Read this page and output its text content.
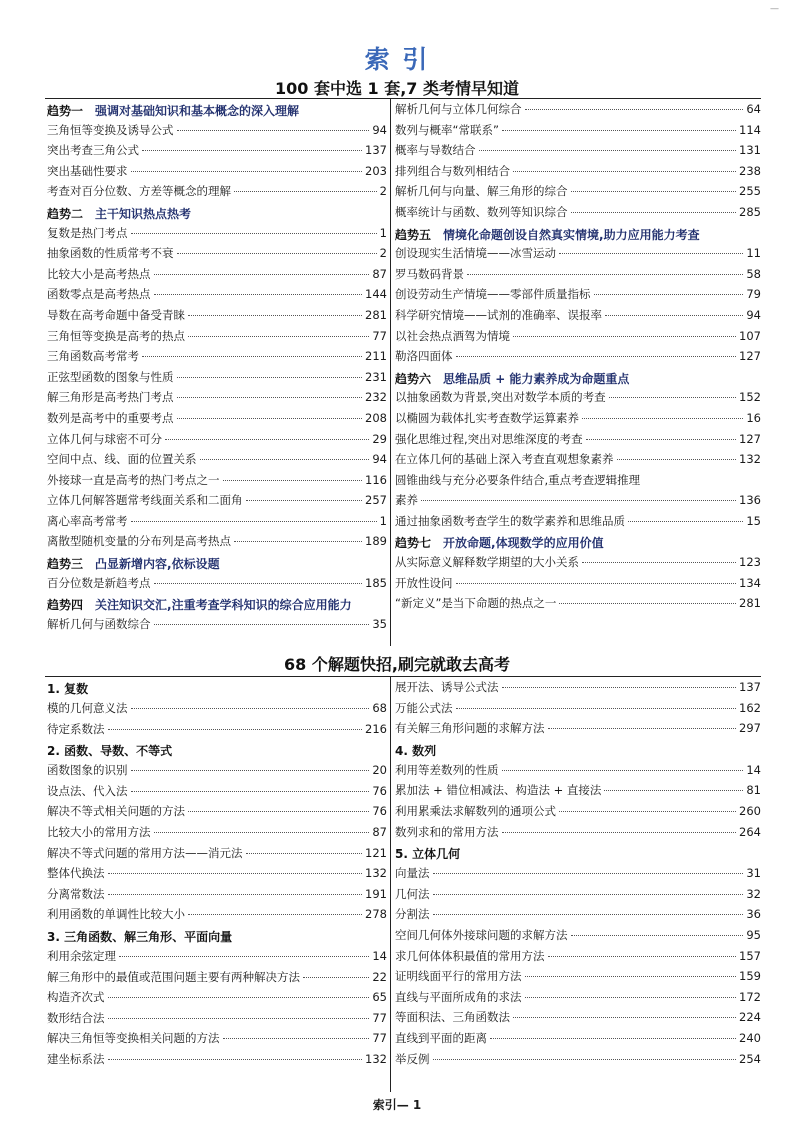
—
索 引
100 套中选 1 套,7 类考情早知道
趋势一 强调对基础知识和基本概念的深入理解
三角恒等变换及诱导公式	94
突出考查三角公式	137
突出基础性要求	203
考查对百分位数、方差等概念的理解	2
趋势二 主干知识热点热考
复数是热门考点	1
抽象函数的性质常考不衰	2
比较大小是高考热点	87
函数零点是高考热点	144
导数在高考命题中备受青睐	281
三角恒等变换是高考的热点	77
三角函数高考常考	211
正弦型函数的图象与性质	231
解三角形是高考热门考点	232
数列是高考中的重要考点	208
立体几何与球密不可分	29
空间中点、线、面的位置关系	94
外接球一直是高考的热门考点之一	116
立体几何解答题常考线面关系和二面角	257
离心率高考常考	1
离散型随机变量的分布列是高考热点	189
趋势三 凸显新增内容,依标设题
百分位数是新趋考点	185
趋势四 关注知识交汇,注重考查学科知识的综合应用能力
解析几何与函数综合	35
解析几何与立体几何综合	64
数列与概率“常联系”	114
概率与导数结合	131
排列组合与数列相结合	238
解析几何与向量、解三角形的综合	255
概率统计与函数、数列等知识综合	285
趋势五 情境化命题创设自然真实情境,助力应用能力考查
创设现实生活情境——冰雪运动	11
罗马数码背景	58
创设劳动生产情境——零部件质量指标	79
科学研究情境——试剂的准确率、误报率	94
以社会热点酒驾为情境	107
勒洛四面体	127
趋势六 思维品质 + 能力素养成为命题重点
以抽象函数为背景,突出对数学本质的考查	152
以椭圆为载体扎实考查数学运算素养	16
强化思维过程,突出对思维深度的考查	127
在立体几何的基础上深入考查直观想象素养	132
圆锥曲线与充分必要条件结合,重点考查逻辑推理
素养	136
通过抽象函数考查学生的数学素养和思维品质	15
趋势七 开放命题,体现数学的应用价值
从实际意义解释数学期望的大小关系	123
开放性设问	134
“新定义”是当下命题的热点之一	281
68 个解题快招,刷完就敢去高考
1. 复数
模的几何意义法	68
待定系数法	216
2. 函数、导数、不等式
函数图象的识别	20
设点法、代入法	76
解决不等式相关问题的方法	76
比较大小的常用方法	87
解决不等式问题的常用方法——消元法	121
整体代换法	132
分离常数法	191
利用函数的单调性比较大小	278
3. 三角函数、解三角形、平面向量
利用余弦定理	14
解三角形中的最值或范围问题主要有两种解决方法	22
构造齐次式	65
数形结合法	77
解决三角恒等变换相关问题的方法	77
建坐标系法	132
展开法、诱导公式法	137
万能公式法	162
有关解三角形问题的求解方法	297
4. 数列
利用等差数列的性质	14
累加法 + 错位相减法、构造法 + 直接法	81
利用累乘法求解数列的通项公式	260
数列求和的常用方法	264
5. 立体几何
向量法	31
几何法	32
分割法	36
空间几何体外接球问题的求解方法	95
求几何体体积最值的常用方法	157
证明线面平行的常用方法	159
直线与平面所成角的求法	172
等面积法、三角函数法	224
直线到平面的距离	240
举反例	254
索引— 1
